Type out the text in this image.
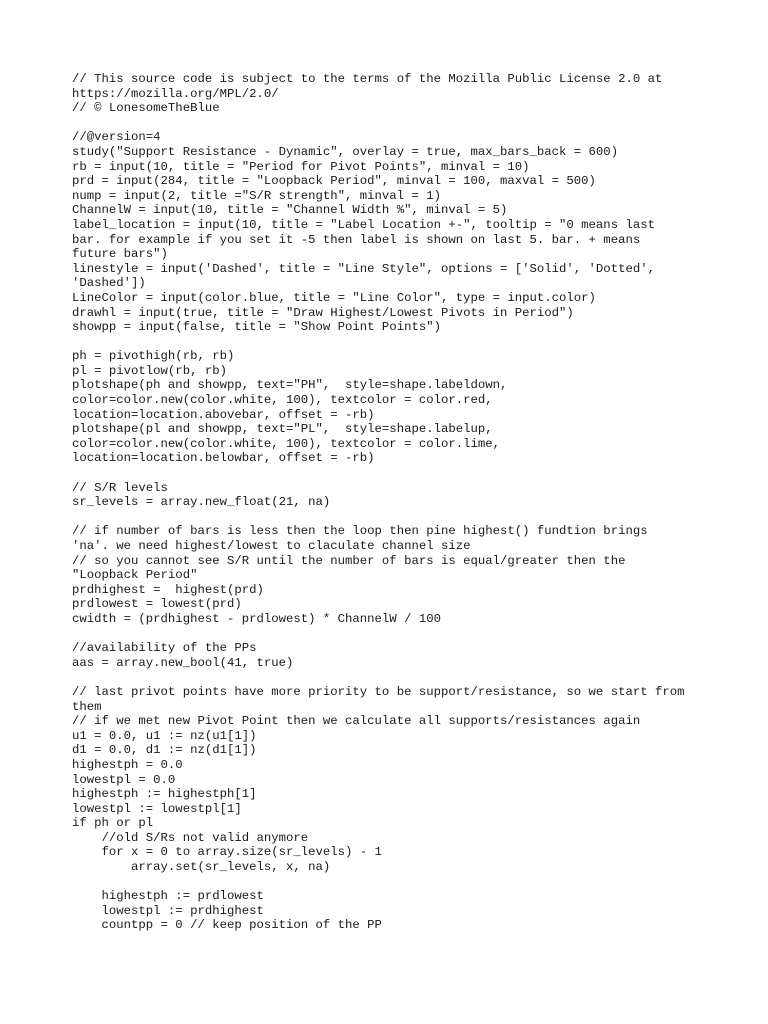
// This source code is subject to the terms of the Mozilla Public License 2.0 at
https://mozilla.org/MPL/2.0/
// © LonesomeTheBlue
//@version=4
study("Support Resistance - Dynamic", overlay = true, max_bars_back = 600)
rb = input(10, title = "Period for Pivot Points", minval = 10)
prd = input(284, title = "Loopback Period", minval = 100, maxval = 500)
nump = input(2, title ="S/R strength", minval = 1)
ChannelW = input(10, title = "Channel Width %", minval = 5)
label_location = input(10, title = "Label Location +-", tooltip = "0 means last
bar. for example if you set it -5 then label is shown on last 5. bar. + means
future bars")
linestyle = input('Dashed', title = "Line Style", options = ['Solid', 'Dotted',
'Dashed'])
LineColor = input(color.blue, title = "Line Color", type = input.color)
drawhl = input(true, title = "Draw Highest/Lowest Pivots in Period")
showpp = input(false, title = "Show Point Points")
ph = pivothigh(rb, rb)
pl = pivotlow(rb, rb)
plotshape(ph and showpp, text="PH",  style=shape.labeldown,
color=color.new(color.white, 100), textcolor = color.red,
location=location.abovebar, offset = -rb)
plotshape(pl and showpp, text="PL",  style=shape.labelup,
color=color.new(color.white, 100), textcolor = color.lime,
location=location.belowbar, offset = -rb)
// S/R levels
sr_levels = array.new_float(21, na)
// if number of bars is less then the loop then pine highest() fundtion brings
'na'. we need highest/lowest to claculate channel size
// so you cannot see S/R until the number of bars is equal/greater then the
"Loopback Period"
prdhighest =  highest(prd)
prdlowest = lowest(prd)
cwidth = (prdhighest - prdlowest) * ChannelW / 100
//availability of the PPs
aas = array.new_bool(41, true)
// last privot points have more priority to be support/resistance, so we start from
them
// if we met new Pivot Point then we calculate all supports/resistances again
u1 = 0.0, u1 := nz(u1[1])
d1 = 0.0, d1 := nz(d1[1])
highestph = 0.0
lowestpl = 0.0
highestph := highestph[1]
lowestpl := lowestpl[1]
if ph or pl
//old S/Rs not valid anymore
for x = 0 to array.size(sr_levels) - 1
array.set(sr_levels, x, na)
highestph := prdlowest
lowestpl := prdhighest
countpp = 0 // keep position of the PP
